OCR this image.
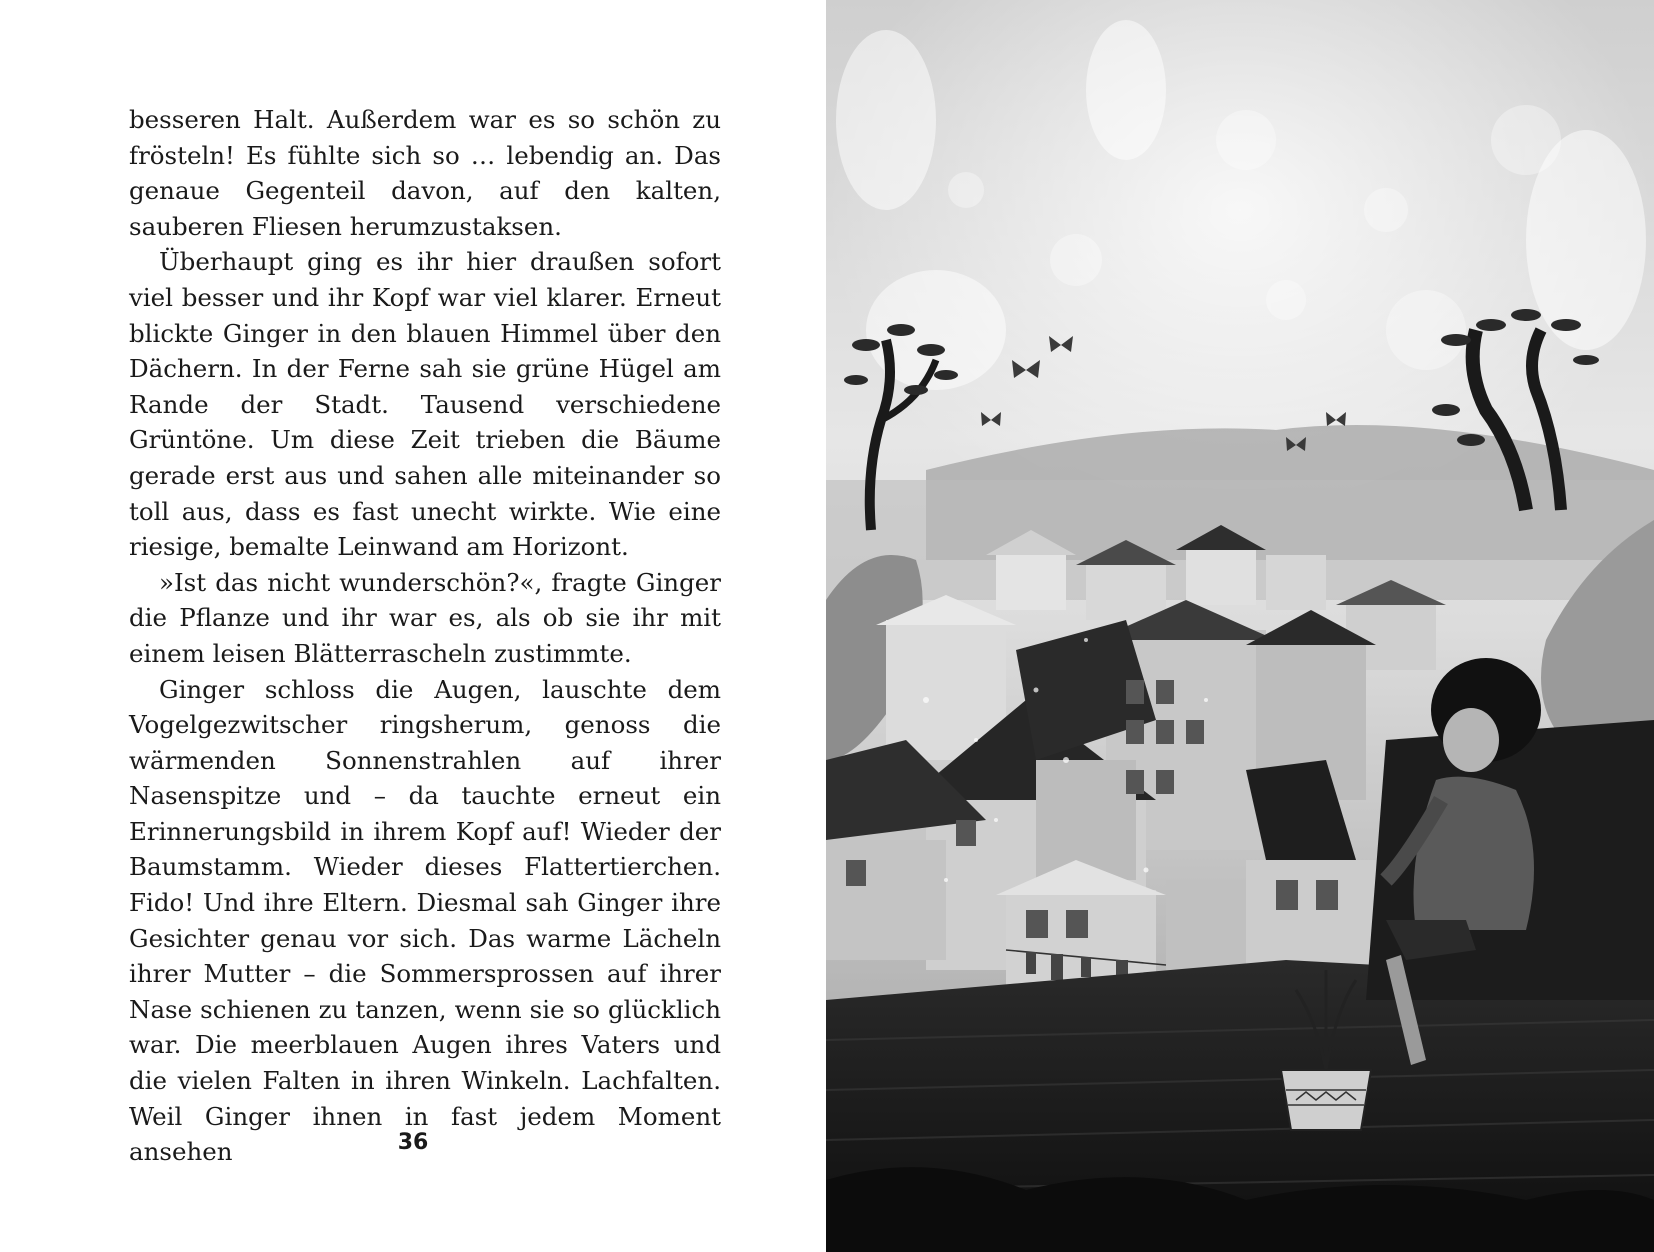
besseren Halt. Außerdem war es so schön zu frösteln! Es fühlte sich so … lebendig an. Das genaue Gegenteil davon, auf den kalten, sauberen Fliesen herumzustaksen.

Überhaupt ging es ihr hier draußen sofort viel besser und ihr Kopf war viel klarer. Erneut blickte Ginger in den blauen Himmel über den Dächern. In der Ferne sah sie grüne Hügel am Rande der Stadt. Tausend verschiedene Grüntöne. Um diese Zeit trieben die Bäume gerade erst aus und sahen alle miteinander so toll aus, dass es fast unecht wirkte. Wie eine riesige, bemalte Leinwand am Horizont.

»Ist das nicht wunderschön?«, fragte Ginger die Pflanze und ihr war es, als ob sie ihr mit einem leisen Blätterrascheln zustimmte.

Ginger schloss die Augen, lauschte dem Vogelgezwitscher ringsherum, genoss die wärmenden Sonnenstrahlen auf ihrer Nasenspitze und – da tauchte erneut ein Erinnerungsbild in ihrem Kopf auf! Wieder der Baumstamm. Wieder dieses Flattertierchen. Fido! Und ihre Eltern. Diesmal sah Ginger ihre Gesichter genau vor sich. Das warme Lächeln ihrer Mutter – die Sommersprossen auf ihrer Nase schienen zu tanzen, wenn sie so glücklich war. Die meerblauen Augen ihres Vaters und die vielen Falten in ihren Winkeln. Lachfalten. Weil Ginger ihnen in fast jedem Moment ansehen	36
